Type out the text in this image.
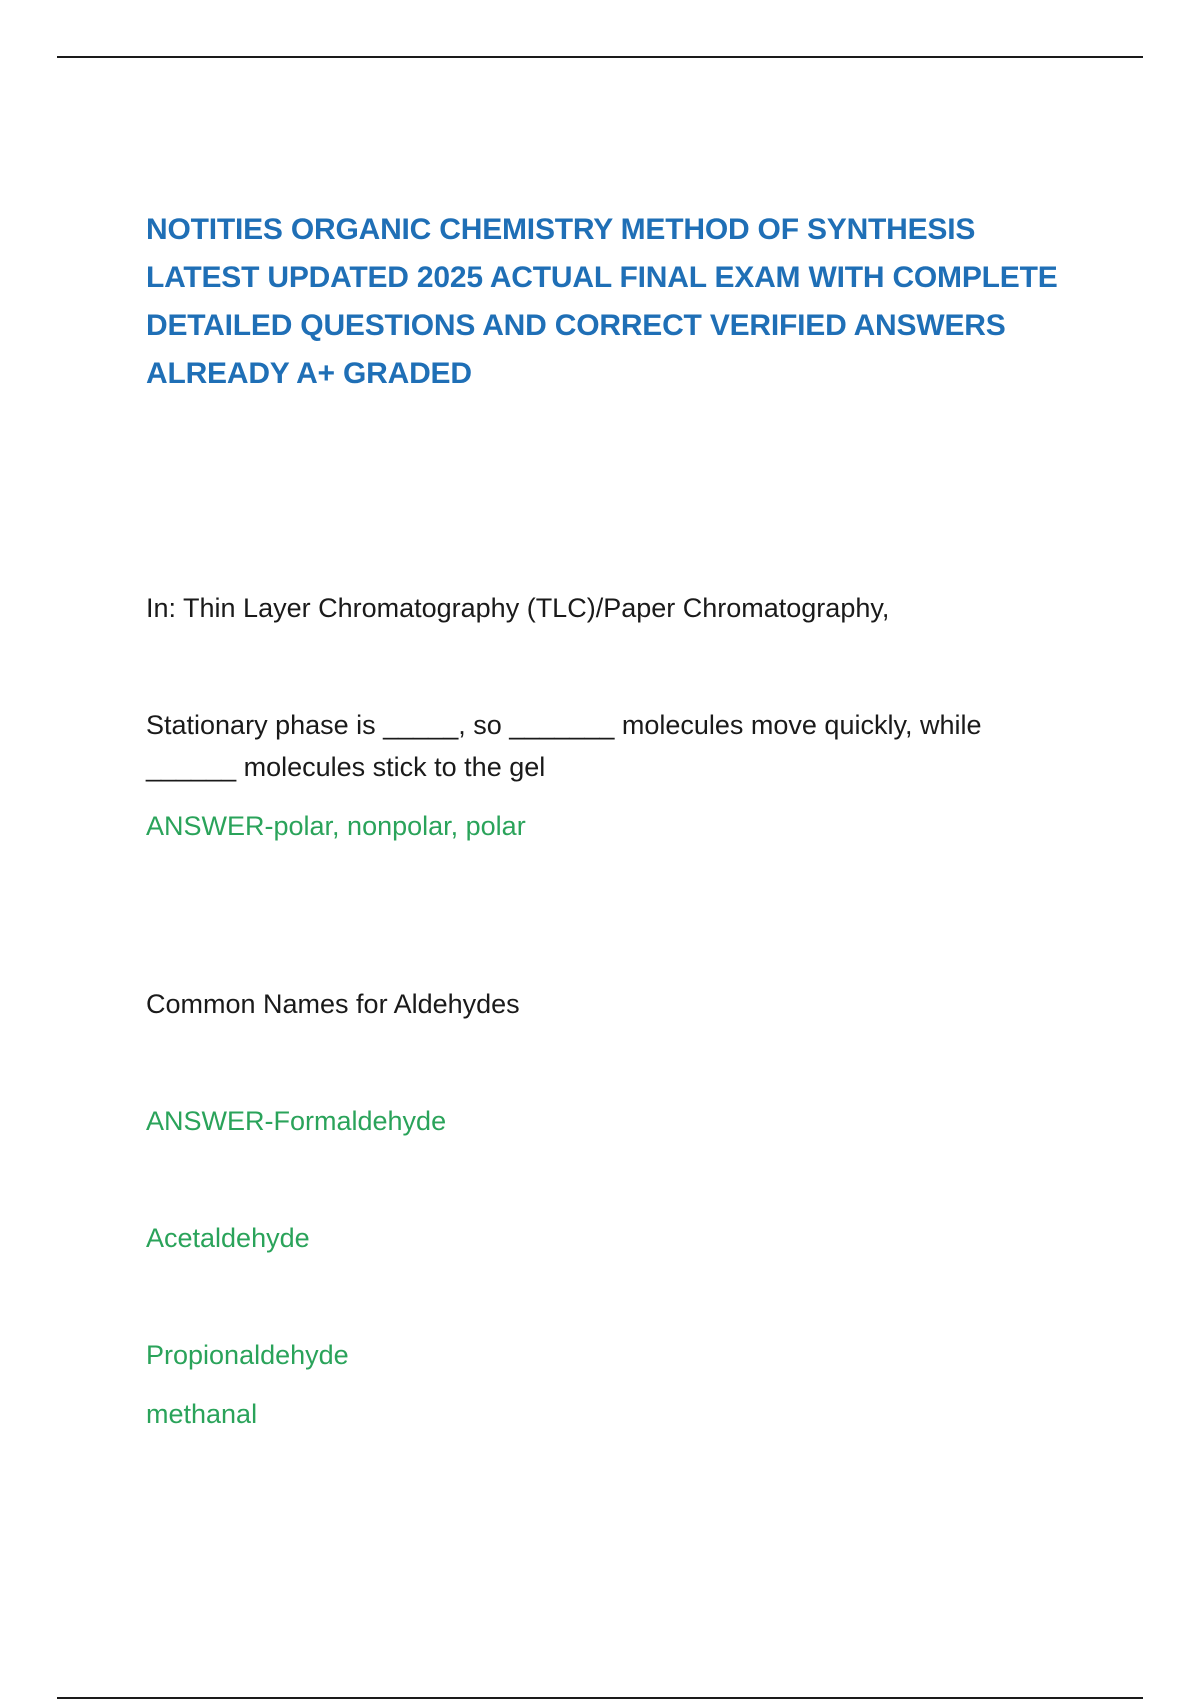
NOTITIES ORGANIC CHEMISTRY METHOD OF SYNTHESIS
LATEST UPDATED 2025 ACTUAL FINAL EXAM WITH COMPLETE
DETAILED QUESTIONS AND CORRECT VERIFIED ANSWERS
ALREADY A+ GRADED

In: Thin Layer Chromatography (TLC)/Paper Chromatography,

Stationary phase is _____, so _______ molecules move quickly, while
______ molecules stick to the gel

ANSWER-polar, nonpolar, polar

Common Names for Aldehydes

ANSWER-Formaldehyde

Acetaldehyde

Propionaldehyde

methanal
